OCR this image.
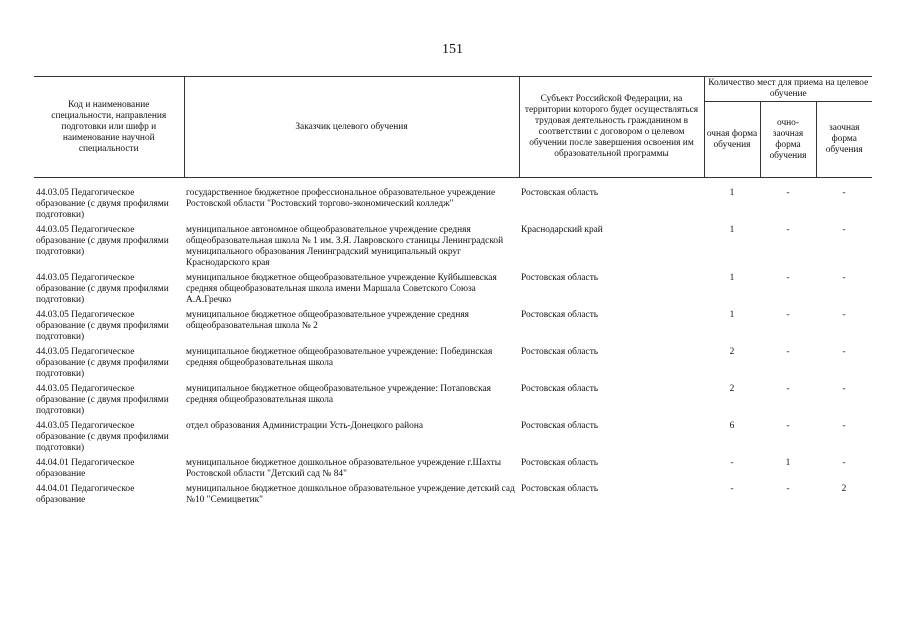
151
Код и наименование специальности, направления подготовки или шифр и наименование научной специальности	Заказчик целевого обучения	Субъект Российской Федерации, на территории которого будет осуществляться трудовая деятельность гражданином в соответствии с договором о целевом обучении после завершения освоения им образовательной программы	Количество мест для приема на целевое обучение		
			очная форма обучения	очно-заочная форма обучения	заочная форма обучения

44.03.05 Педагогическое образование (с двумя профилями подготовки)	государственное бюджетное профессиональное образовательное учреждение Ростовской области "Ростовский торгово-экономический колледж"	Ростовская область	1	-	-
44.03.05 Педагогическое образование (с двумя профилями подготовки)	муниципальное автономное общеобразовательное учреждение средняя общеобразовательная школа № 1 им. З.Я. Лавровского станицы Ленинградской муниципального образования Ленинградский муниципальный округ Краснодарского края	Краснодарский край	1	-	-
44.03.05 Педагогическое образование (с двумя профилями подготовки)	муниципальное бюджетное общеобразовательное учреждение Куйбышевская средняя общеобразовательная школа имени Маршала Советского Союза А.А.Гречко	Ростовская область	1	-	-
44.03.05 Педагогическое образование (с двумя профилями подготовки)	муниципальное бюджетное общеобразовательное учреждение средняя общеобразовательная школа № 2	Ростовская область	1	-	-
44.03.05 Педагогическое образование (с двумя профилями подготовки)	муниципальное бюджетное общеобразовательное учреждение: Побединская средняя общеобразовательная школа	Ростовская область	2	-	-
44.03.05 Педагогическое образование (с двумя профилями подготовки)	муниципальное бюджетное общеобразовательное учреждение: Потаповская средняя общеобразовательная школа	Ростовская область	2	-	-
44.03.05 Педагогическое образование (с двумя профилями подготовки)	отдел образования Администрации Усть-Донецкого района	Ростовская область	6	-	-
44.04.01 Педагогическое образование	муниципальное бюджетное дошкольное образовательное учреждение г.Шахты Ростовской области "Детский сад № 84"	Ростовская область	-	1	-
44.04.01 Педагогическое образование	муниципальное бюджетное дошкольное образовательное учреждение детский сад №10 "Семицветик"	Ростовская область	-	-	2
